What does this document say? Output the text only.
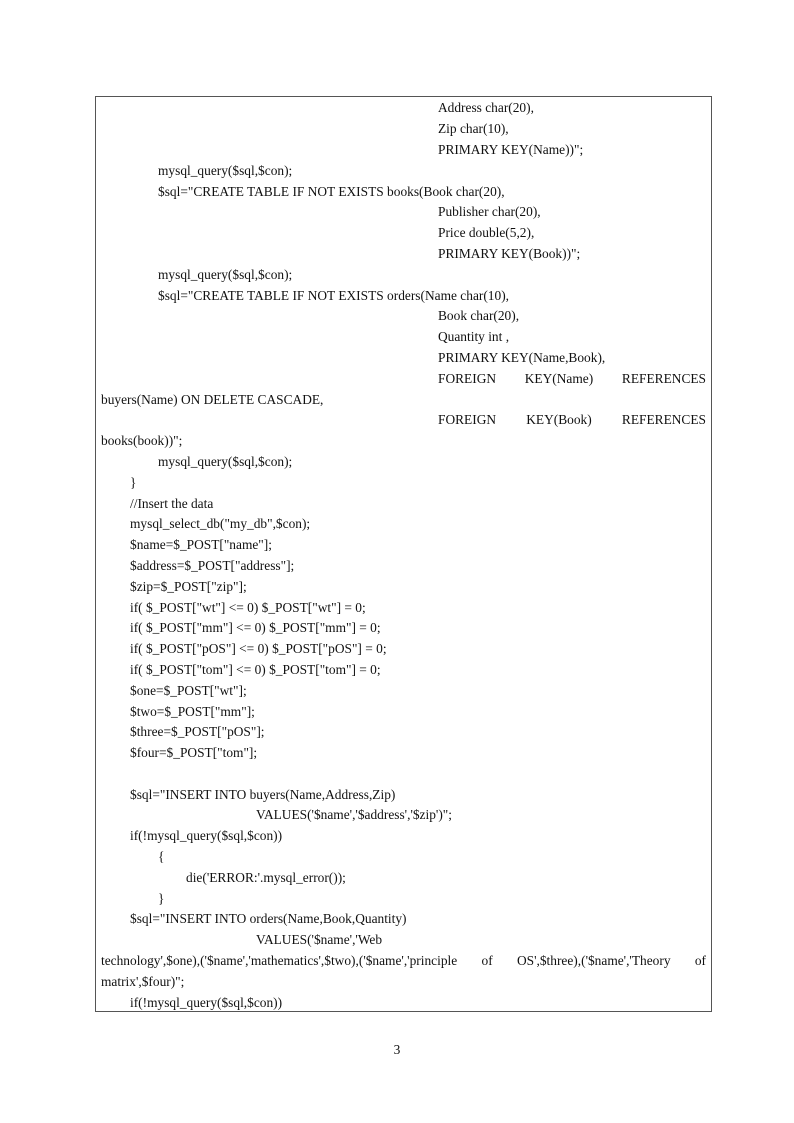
Address char(20),
Zip char(10),
PRIMARY KEY(Name))";
mysql_query($sql,$con);
$sql="CREATE TABLE IF NOT EXISTS books(Book char(20),
Publisher char(20),
Price double(5,2),
PRIMARY KEY(Book))";
mysql_query($sql,$con);
$sql="CREATE TABLE IF NOT EXISTS orders(Name char(10),
Book char(20),
Quantity int ,
PRIMARY KEY(Name,Book),
FOREIGN KEY(Name) REFERENCES
buyers(Name) ON DELETE CASCADE,
FOREIGN KEY(Book) REFERENCES
books(book))";
mysql_query($sql,$con);
}
//Insert the data
mysql_select_db("my_db",$con);
$name=$_POST["name"];
$address=$_POST["address"];
$zip=$_POST["zip"];
if( $_POST["wt"] <= 0) $_POST["wt"] = 0;
if( $_POST["mm"] <= 0) $_POST["mm"] = 0;
if( $_POST["pOS"] <= 0) $_POST["pOS"] = 0;
if( $_POST["tom"] <= 0) $_POST["tom"] = 0;
$one=$_POST["wt"];
$two=$_POST["mm"];
$three=$_POST["pOS"];
$four=$_POST["tom"];
$sql="INSERT INTO buyers(Name,Address,Zip)
VALUES('$name','$address','$zip')";
if(!mysql_query($sql,$con))
{
die('ERROR:'.mysql_error());
}
$sql="INSERT INTO orders(Name,Book,Quantity)
VALUES('$name','Web
technology',$one),('$name','mathematics',$two),('$name','principle of OS',$three),('$name','Theory of
matrix',$four)";
if(!mysql_query($sql,$con))
3
